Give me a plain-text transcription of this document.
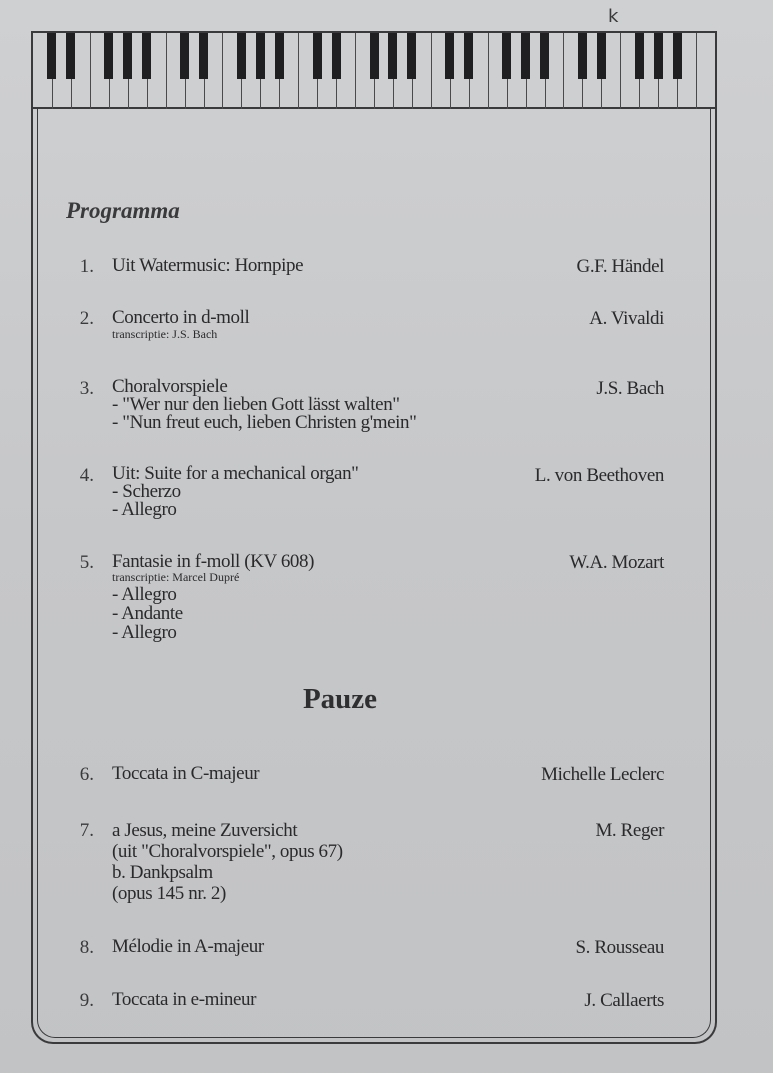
k
Programma
1. Uit Watermusic: Hornpipe	G.F. Händel
2. Concerto in d-moll
transcriptie: J.S. Bach
A. Vivaldi
3. Choralvorspiele
- "Wer nur den lieben Gott lässt walten"
- "Nun freut euch, lieben Christen g'mein"
J.S. Bach
4. Uit: Suite for a mechanical organ"
- Scherzo
- Allegro
L. von Beethoven
5. Fantasie in f-moll (KV 608)
transcriptie: Marcel Dupré
- Allegro
- Andante
- Allegro
W.A. Mozart
Pauze
6. Toccata in C-majeur	Michelle Leclerc
7. a Jesus, meine Zuversicht
(uit "Choralvorspiele", opus 67)
b. Dankpsalm
(opus 145 nr. 2)
M. Reger
8. Mélodie in A-majeur	S. Rousseau
9. Toccata in e-mineur	J. Callaerts
